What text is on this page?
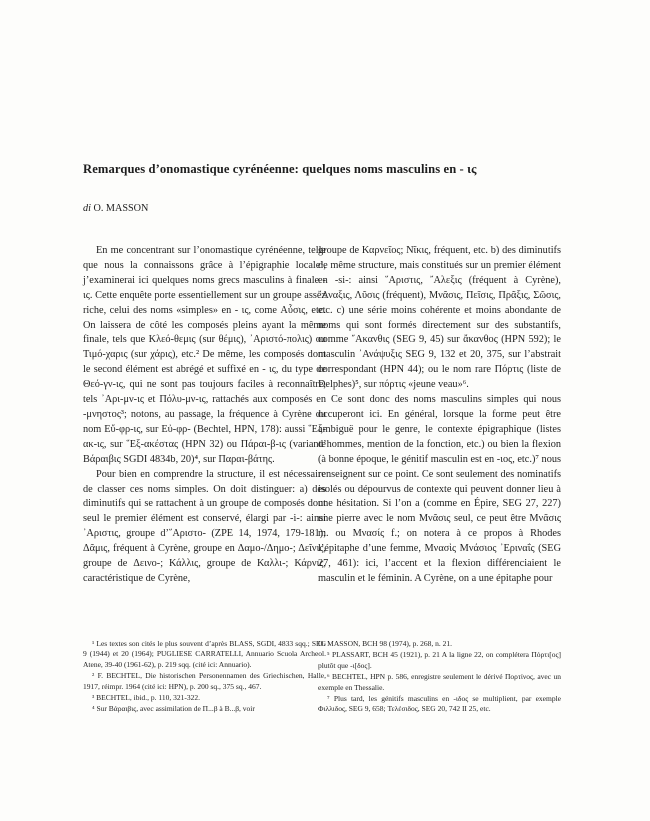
Remarques d’onomastique cyrénéenne: quelques noms masculins en - ις
di O. MASSON

En me concentrant sur l’onomastique cyrénéenne, telle que nous la connaissons grâce à l’épigraphie locale¹, j’examinerai ici quelques noms grecs masculins à finale - ις. Cette enquête porte essentiellement sur un groupe assez riche, celui des noms «simples» en - ις, come Αὖσις, etc. On laissera de côté les composés pleins ayant la même finale, tels que Κλεό-θεμις (sur θέμις), ᾽Αριστό-πολις) ou Τιμό-χαρις (sur χάρις), etc.² De même, les composés dont le second élément est abrégé et suffixé en - ις, du type de Θεό-γν-ις, qui ne sont pas toujours faciles à reconnaître, tels ᾽Αρι-μν-ις et Πόλυ-μν-ις, rattachés aux composés en -μνηστος³; notons, au passage, la fréquence à Cyrène du nom Εὔ-φρ-ις, sur Εὐ-φρ- (Bechtel, HPN, 178): aussi ῞Εξ-ακ-ις, sur ῞Εξ-ακέστας (HPN 32) ou Πάραι-β-ις (variante Βάραιβις SGDI 4834b, 20)⁴, sur Παραι-βάτης.

Pour bien en comprendre la structure, il est nécessaire de classer ces noms simples. On doit distinguer: a) des diminutifs qui se rattachent à un groupe de composés dont seul le premier élément est conservé, élargi par -i-: ainsi ᾽Αριστις, groupe d’῞Αριστο- (ZPE 14, 1974, 179-181); Δᾶμις, fréquent à Cyrène, groupe en Δαμο-/Δημο-; Δεῖνις, groupe de Δεινο-; Κάλλις, groupe de Καλλι-; Κάρνις, caractéristique de Cyrène,

groupe de Καρνεῖος; Νῖκις, fréquent, etc. b) des diminutifs de même structure, mais constitués sur un premier élément en -si-: ainsi ῞Αριστις, ῎Αλεξις (fréquent à Cyrène), ῎Αναξις, Λῦσις (fréquent), Μνᾶσις, Πεῖσις, Πρᾶξις, Σῶσις, etc. c) une série moins cohérente et moins abondante de noms qui sont formés directement sur des substantifs, comme ῎Ακανθις (SEG 9, 45) sur ἄκανθος (HPN 592); le masculin ᾽Ανάψυξις SEG 9, 132 et 20, 375, sur l’abstrait correspondant (HPN 44); ou le nom rare Πόρτις (liste de Delphes)⁵, sur πόρτις «jeune veau»⁶.

Ce sont donc des noms masculins simples qui nous occuperont ici. En général, lorsque la forme peut être ambiguë pour le genre, le contexte épigraphique (listes d’hommes, mention de la fonction, etc.) ou bien la flexion (à bonne époque, le génitif masculin est en -ιος, etc.)⁷ nous renseignent sur ce point. Ce sont seulement des nominatifs isolés ou dépourvus de contexte qui peuvent donner lieu à une hésitation. Si l’on a (comme en Épire, SEG 27, 227) une pierre avec le nom Μνᾶσις seul, ce peut être Μνᾶσις m. ou Μνασίς f.; on notera à ce propos à Rhodes l’épitaphe d’une femme, Μνασὶς Μνάσιος ᾽Εριναΐς (SEG 27, 461): ici, l’accent et la flexion différenciaient le masculin et le féminin. A Cyrène, on a une épitaphe pour

¹ Les textes son cités le plus souvent d’après BLASS, SGDI, 4833 sqq.; SEG 9 (1944) et 20 (1964); PUGLIESE CARRATELLI, Annuario Scuola Archeol. Atene, 39-40 (1961-62), p. 219 sqq. (cité ici: Annuario).

² F. BECHTEL, Die historischen Personennamen des Griechischen, Halle, 1917, réimpr. 1964 (cité ici: HPN), p. 200 sq., 375 sq., 467.

³ BECHTEL, ibid., p. 110, 321-322.

⁴ Sur Βάραιβις, avec assimilation de Π...β à Β...β, voir

O. MASSON, BCH 98 (1974), p. 268, n. 21.

⁵ PLASSART, BCH 45 (1921), p. 21 A la ligne 22, on complétera Πόρτι[ος] plutôt que -ι[δος].

⁶ BECHTEL, HPN p. 586, enregistre seulement le dérivé Πορτίνος, avec un exemple en Thessalie.

⁷ Plus tard, les génitifs masculins en -ιδος se multiplient, par exemple Φιλλιδος, SEG 9, 658; Τελέσιδος, SEG 20, 742 II 25, etc.
